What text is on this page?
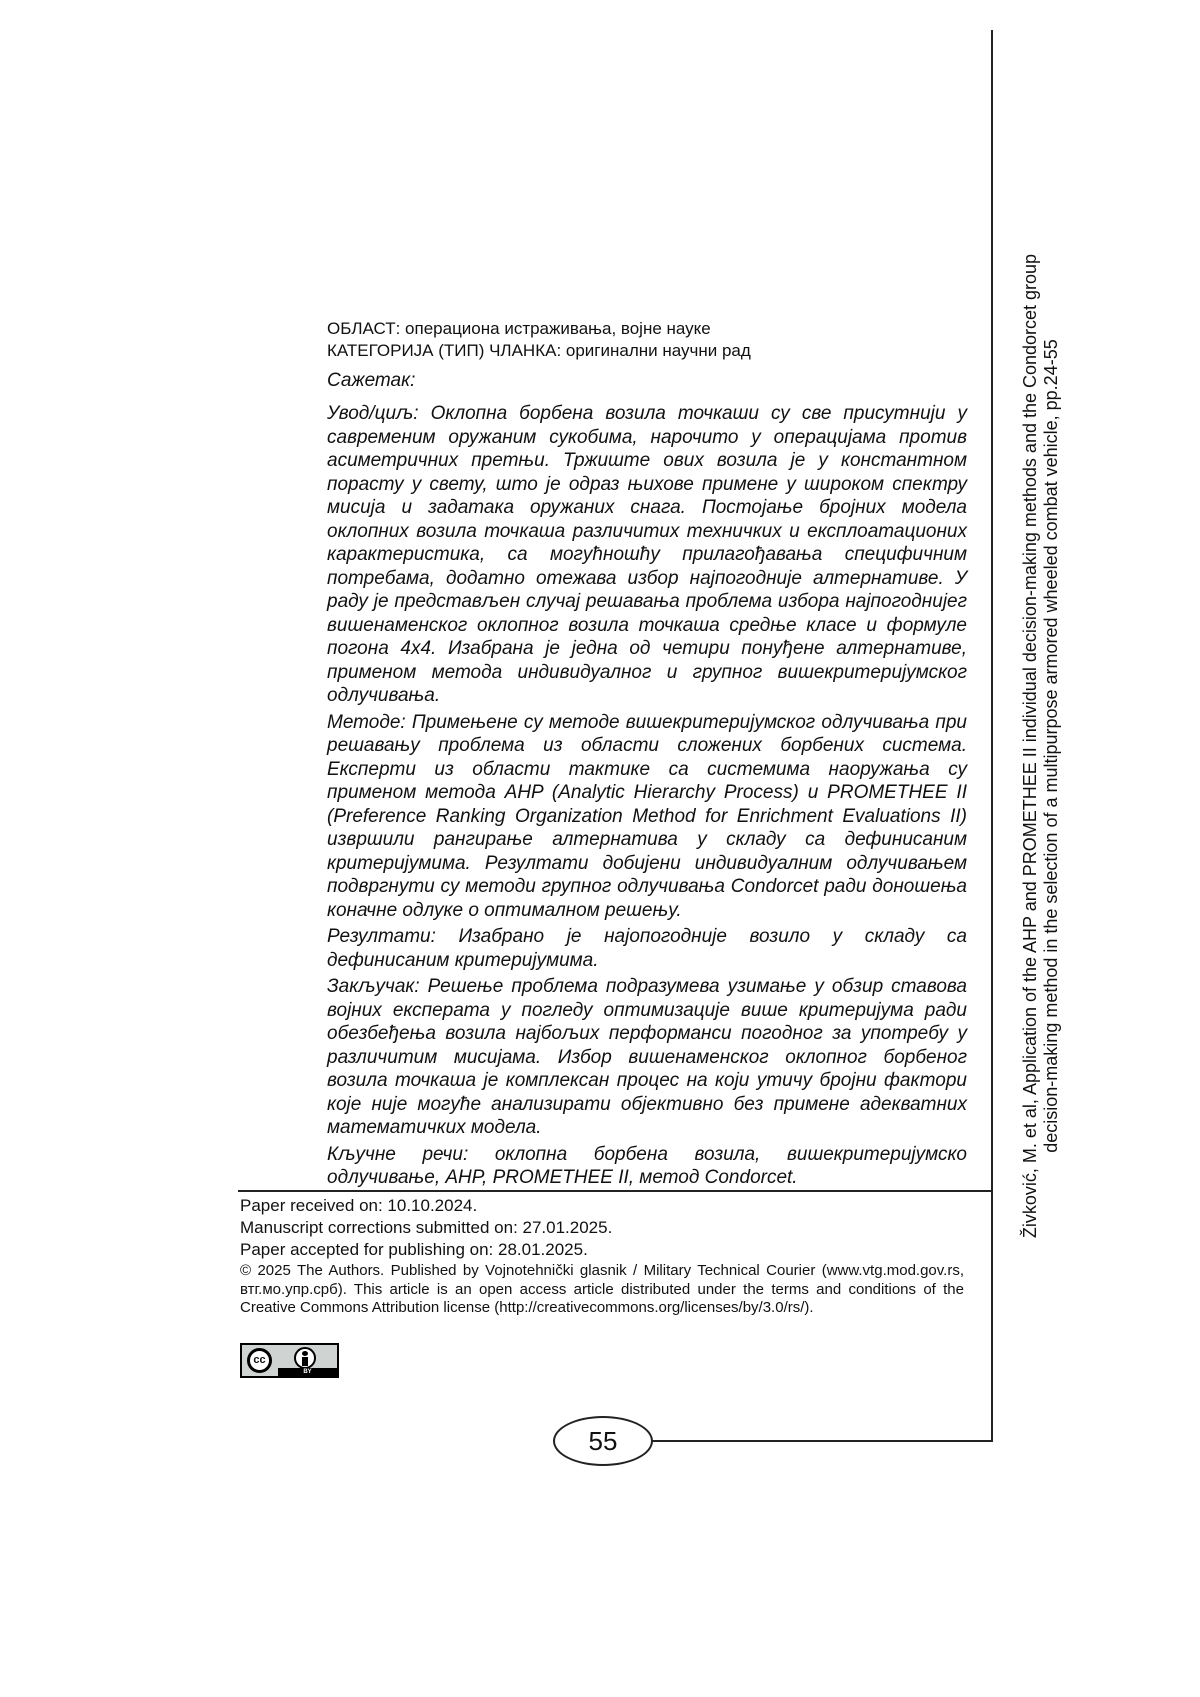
Živković, M. et al, Application of the AHP and PROMETHEE II individual decision-making methods and the Condorcet group decision-making method in the selection of a multipurpose armored wheeled combat vehicle, pp.24-55
ОБЛАСТ: операциона истраживања, војне науке
КАТЕГОРИЈА (ТИП) ЧЛАНКА: оригинални научни рад
Сажетак:

Увод/циљ: Оклопна борбена возила точкаши су све присутнији у савременим оружаним сукобима, нарочито у операцијама против асиметричних претњи. Тржиште ових возила је у константном порасту у свету, што је одраз њихове примене у широком спектру мисија и задатака оружаних снага. Постојање бројних модела оклопних возила точкаша различитих техничких и експлоатационих карактеристика, са могућношћу прилагођавања специфичним потребама, додатно отежава избор најпогодније алтернативе. У раду је представљен случај решавања проблема избора најпогоднијег вишенаменског оклопног возила точкаша средње класе и формуле погона 4x4. Изабрана је једна од четири понуђене алтернативе, применом метода индивидуалног и групног вишекритеријумског одлучивања.

Методе: Примењене су методе вишекритеријумског одлучивања при решавању проблема из области сложених борбених система. Експерти из области тактике са системима наоружања су применом метода AHP (Analytic Hierarchy Process) и PROMETHEE II (Preference Ranking Organization Method for Enrichment Evaluations II) извршили рангирање алтернатива у складу са дефинисаним критеријумима. Резултати добијени индивидуалним одлучивањем подвргнути су методи групног одлучивања Condorcet ради доношења коначне одлуке о оптималном решењу.

Резултати: Изабрано је најопогодније возило у складу са дефинисаним критеријумима.

Закључак: Решење проблема подразумева узимање у обзир ставова војних експерата у погледу оптимизације више критеријума ради обезбеђења возила најбољих перформанси погодног за употребу у различитим мисијама. Избор вишенаменског оклопног борбеног возила точкаша је комплексан процес на који утичу бројни фактори које није могуће анализирати објективно без примене адекватних математичких модела.

Кључне речи: оклопна борбена возила, вишекритеријумско одлучивање, AHP, PROMETHEE II, метод Condorcet.

Paper received on: 10.10.2024.
Manuscript corrections submitted on: 27.01.2025.
Paper accepted for publishing on: 28.01.2025.
© 2025 The Authors. Published by Vojnotehnički glasnik / Military Technical Courier (www.vtg.mod.gov.rs, втг.мо.упр.срб). This article is an open access article distributed under the terms and conditions of the Creative Commons Attribution license (http://creativecommons.org/licenses/by/3.0/rs/).
cc
BY
55
